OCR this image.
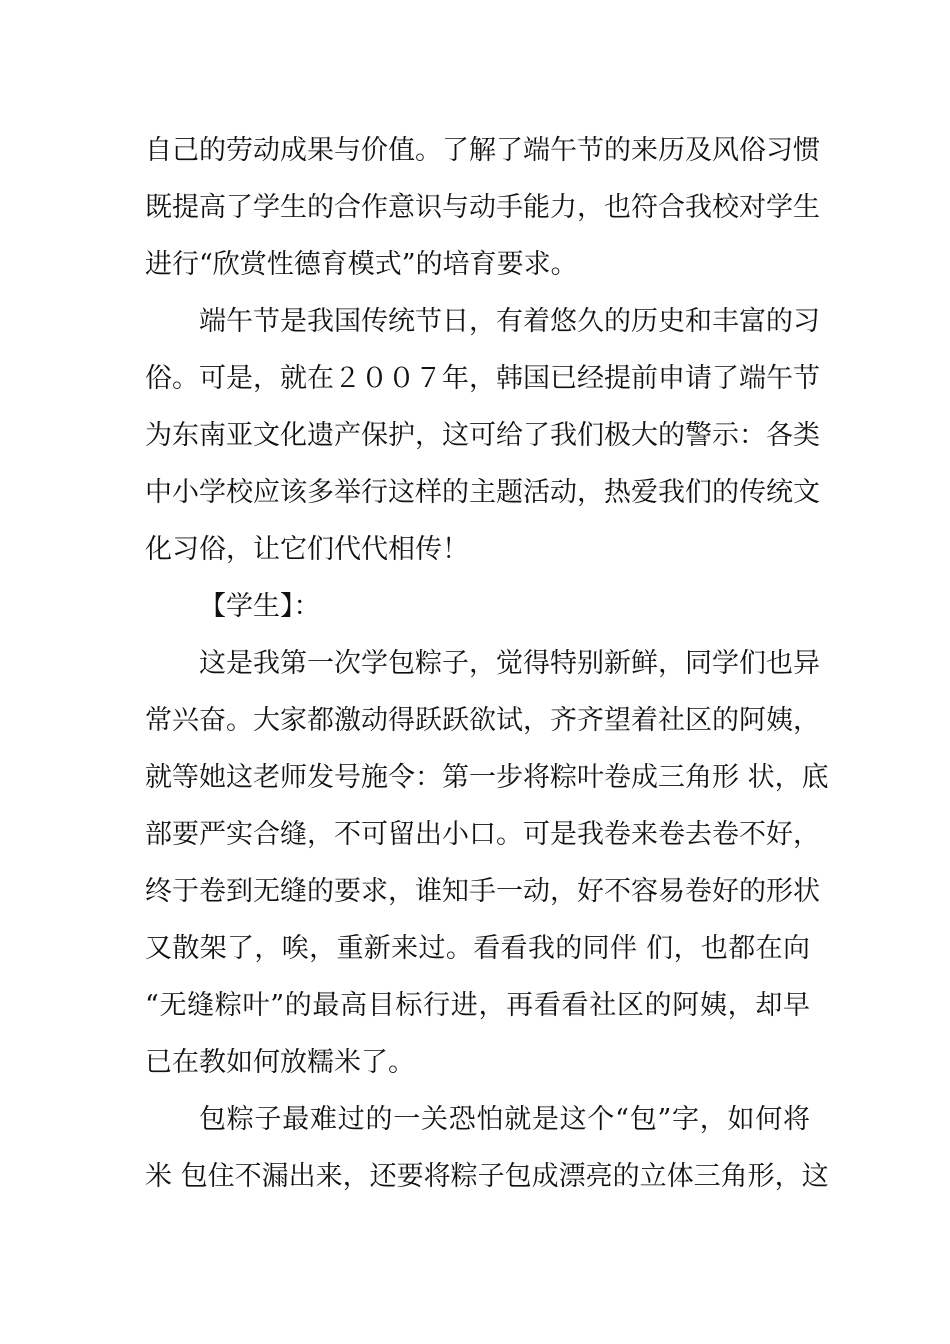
自己的劳动成果与价值。了解了端午节的来历及风俗习惯
既提高了学生的合作意识与动手能力，也符合我校对学生
进行“欣赏性德育模式”的培育要求。
端午节是我国传统节日，有着悠久的历史和丰富的习
俗。可是，就在２００７年，韩国已经提前申请了端午节
为东南亚文化遗产保护，这可给了我们极大的警示：各类
中小学校应该多举行这样的主题活动，热爱我们的传统文
化习俗，让它们代代相传！
【学生】：
这是我第一次学包粽子，觉得特别新鲜，同学们也异
常兴奋。大家都激动得跃跃欲试，齐齐望着社区的阿姨，
就等她这老师发号施令：第一步将粽叶卷成三角形 状，底
部要严实合缝，不可留出小口。可是我卷来卷去卷不好，
终于卷到无缝的要求，谁知手一动，好不容易卷好的形状
又散架了，唉，重新来过。看看我的同伴 们，也都在向
“无缝粽叶”的最高目标行进，再看看社区的阿姨，却早
已在教如何放糯米了。
包粽子最难过的一关恐怕就是这个“包”字，如何将
米 包住不漏出来，还要将粽子包成漂亮的立体三角形，这
